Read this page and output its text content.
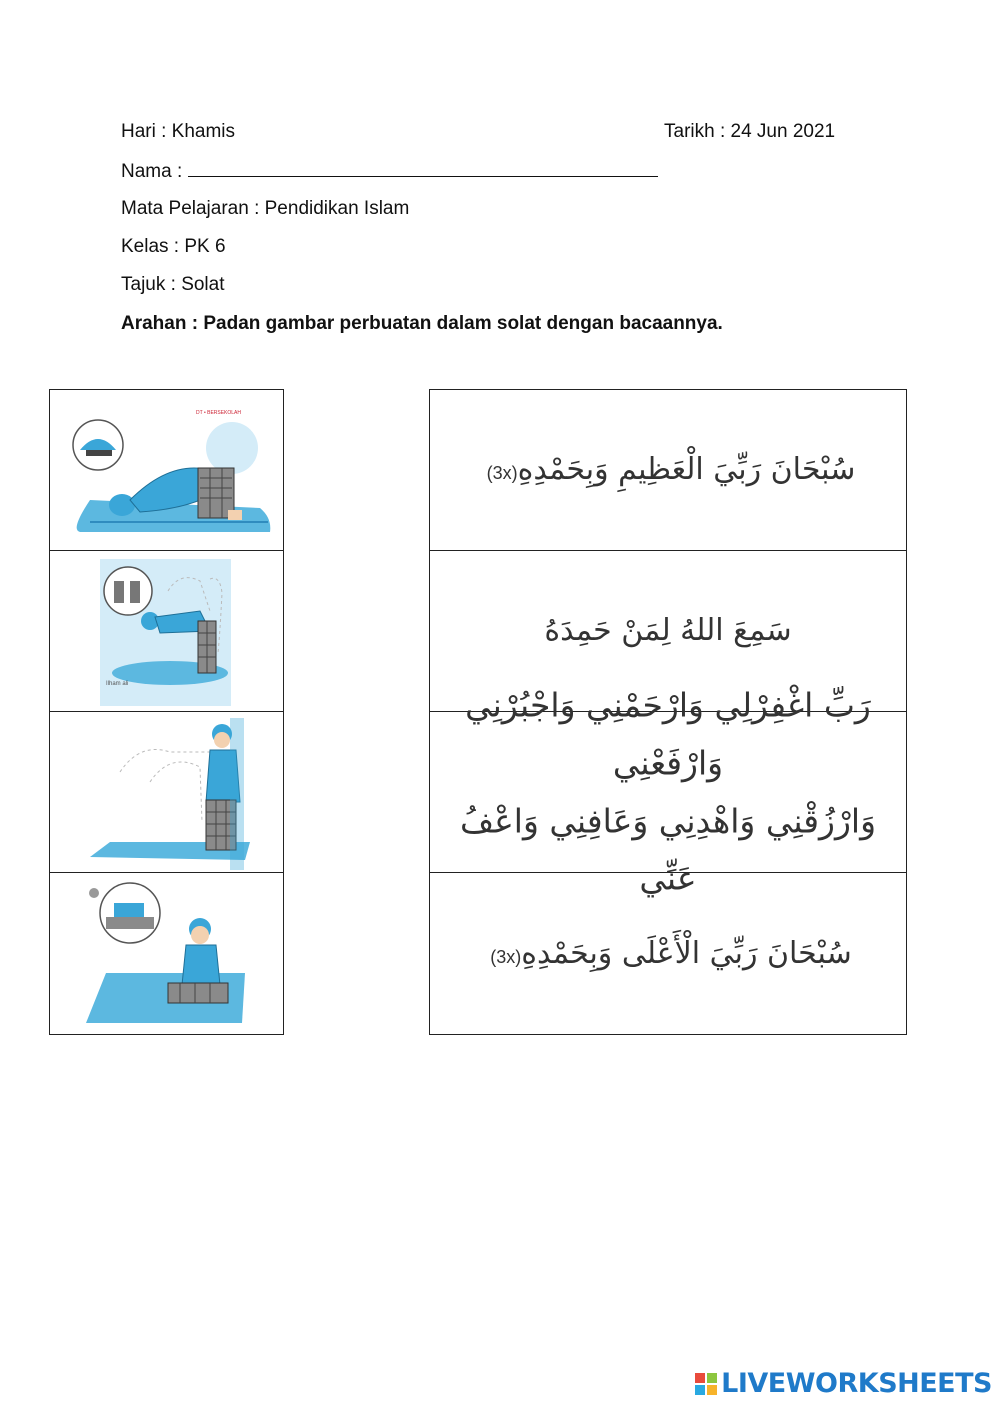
Hari : Khamis	Tarikh : 24 Jun 2021
Nama :
Mata Pelajaran : Pendidikan Islam
Kelas : PK 6
Tajuk : Solat
Arahan : Padan gambar perbuatan dalam solat dengan bacaannya.
DT • BERSEKOLAH
Ilham ali
سُبْحَانَ رَبِّيَ الْعَظِيمِ وَبِحَمْدِهِ(3x)
سَمِعَ اللهُ لِمَنْ حَمِدَهُ
رَبِّ اغْفِرْلِي وَارْحَمْنِي وَاجْبُرْنِي وَارْفَعْنِي
وَارْزُقْنِي وَاهْدِنِي وَعَافِنِي وَاعْفُ عَنِّي
سُبْحَانَ رَبِّيَ الْأَعْلَى وَبِحَمْدِهِ(3x)
LIVEWORKSHEETS
